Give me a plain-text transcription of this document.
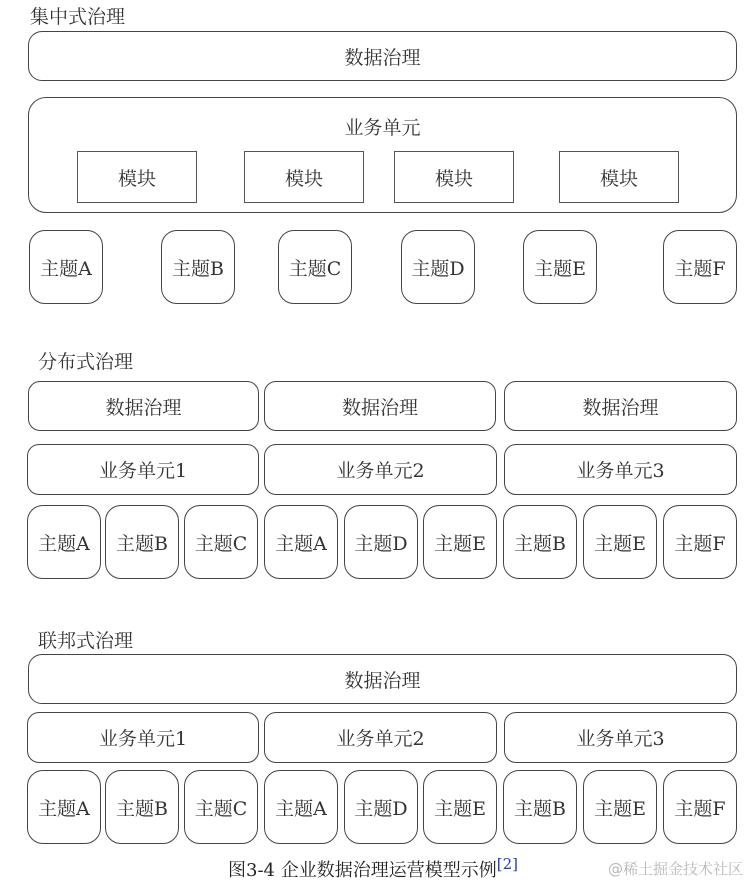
集中式治理
数据治理
业务单元
模块	模块	模块	模块
主题A	主题B	主题C	主题D	主题E	主题F
分布式治理
数据治理	数据治理	数据治理
业务单元1	业务单元2	业务单元3
主题A 主题B 主题C 主题A 主题D 主题E 主题B 主题E 主题F
联邦式治理
数据治理
业务单元1	业务单元2	业务单元3
主题A 主题B 主题C 主题A 主题D 主题E 主题B 主题E 主题F
图3-4 企业数据治理运营模型示例[2]	@稀土掘金技术社区
